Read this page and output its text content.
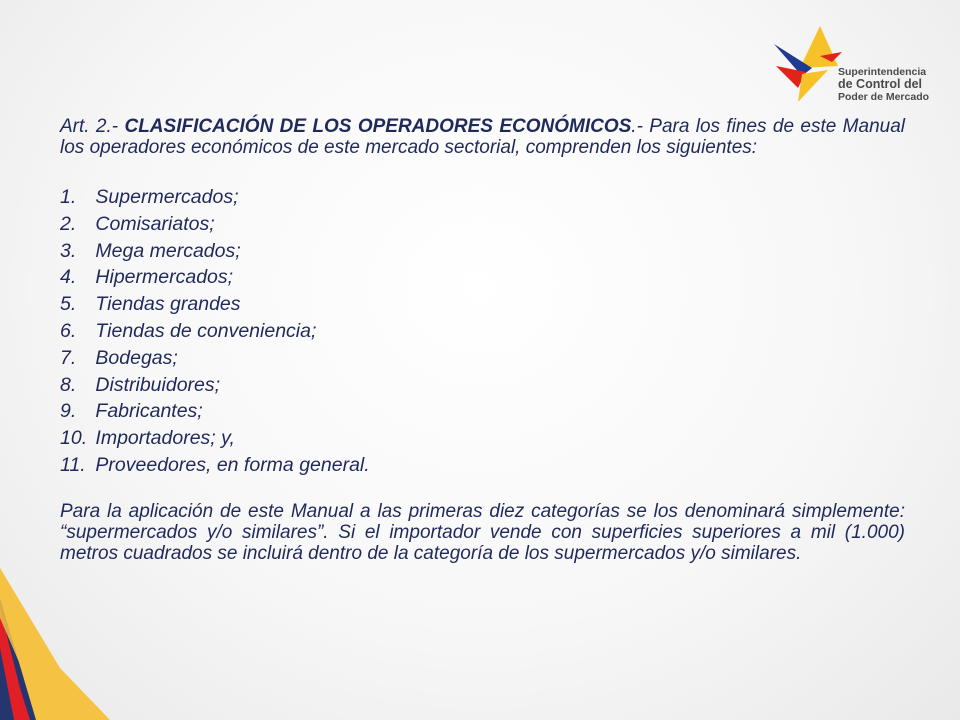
Superintendencia
de Control del
Poder de Mercado

Art. 2.- CLASIFICACIÓN DE LOS OPERADORES ECONÓMICOS.- Para los fines de este Manual los operadores económicos de este mercado sectorial, comprenden los siguientes:

1. Supermercados;
2. Comisariatos;
3. Mega mercados;
4. Hipermercados;
5. Tiendas grandes
6. Tiendas de conveniencia;
7. Bodegas;
8. Distribuidores;
9. Fabricantes;
10. Importadores; y,
11. Proveedores, en forma general.

Para la aplicación de este Manual a las primeras diez categorías se los denominará simplemente: “supermercados y/o similares”. Si el importador vende con superficies superiores a mil (1.000) metros cuadrados se incluirá dentro de la categoría de los supermercados y/o similares.
